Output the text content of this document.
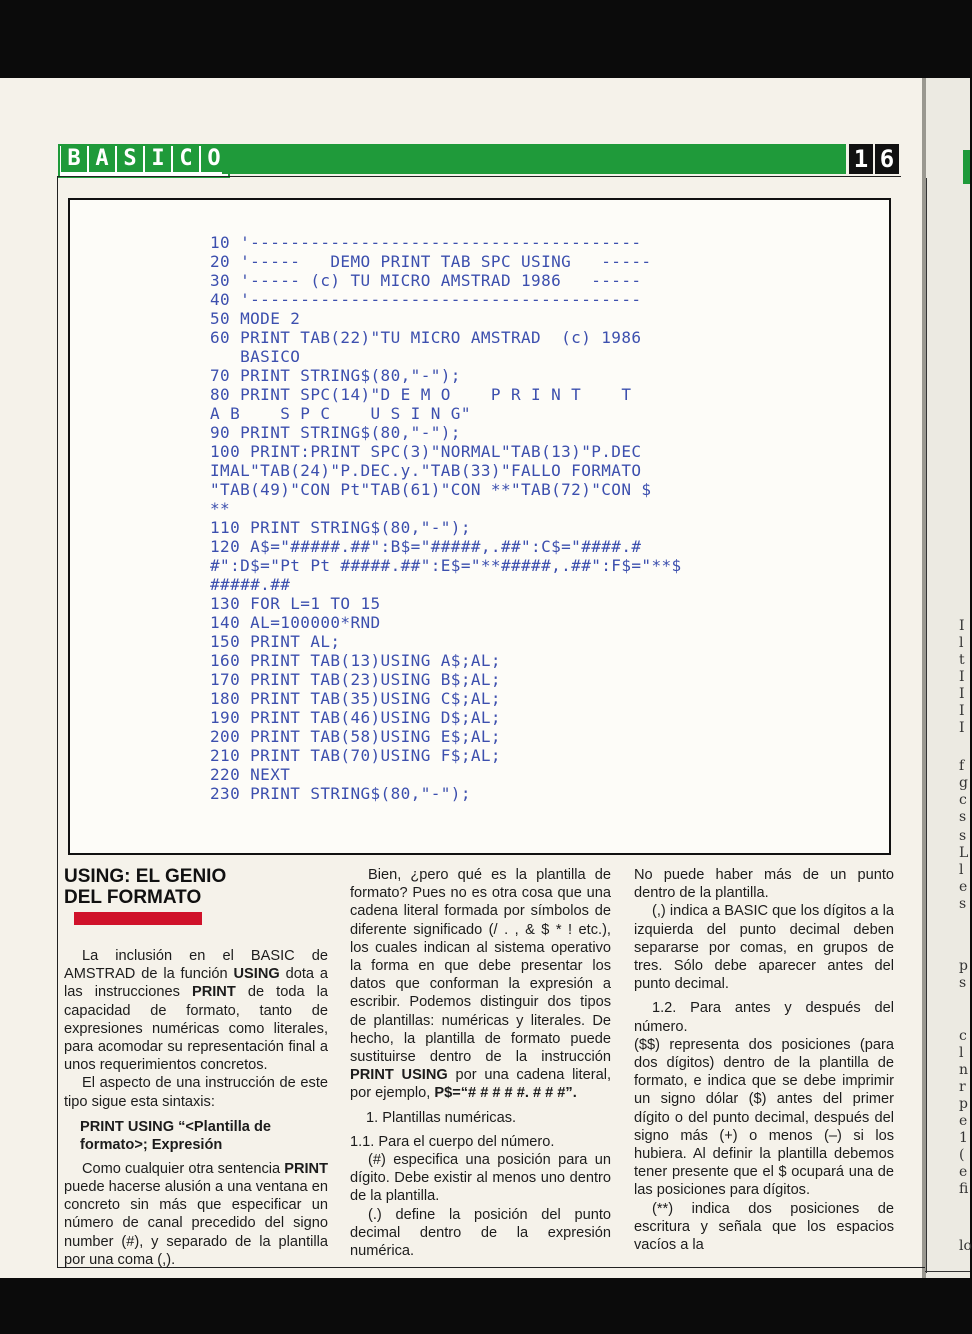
I
l
t
I
I
I
I
f
g
c
s
s
L
l
e
s
p
s
c
l
n
r
p
e
1
(
e
fi
lo
B A S I C O	1 6
10 '---------------------------------------
20 '-----   DEMO PRINT TAB SPC USING   -----
30 '----- (c) TU MICRO AMSTRAD 1986   -----
40 '---------------------------------------
50 MODE 2
60 PRINT TAB(22)"TU MICRO AMSTRAD  (c) 1986
BASICO
70 PRINT STRING$(80,"-");
80 PRINT SPC(14)"D E M O    P R I N T    T
A B    S P C    U S I N G"
90 PRINT STRING$(80,"-");
100 PRINT:PRINT SPC(3)"NORMAL"TAB(13)"P.DEC
IMAL"TAB(24)"P.DEC.y."TAB(33)"FALLO FORMATO
"TAB(49)"CON Pt"TAB(61)"CON **"TAB(72)"CON $
**
110 PRINT STRING$(80,"-");
120 A$="#####.##":B$="#####,.##":C$="####.#
#":D$="Pt Pt #####.##":E$="**#####,.##":F$="**$
#####.##
130 FOR L=1 TO 15
140 AL=100000*RND
150 PRINT AL;
160 PRINT TAB(13)USING A$;AL;
170 PRINT TAB(23)USING B$;AL;
180 PRINT TAB(35)USING C$;AL;
190 PRINT TAB(46)USING D$;AL;
200 PRINT TAB(58)USING E$;AL;
210 PRINT TAB(70)USING F$;AL;
220 NEXT
230 PRINT STRING$(80,"-");
USING: EL GENIO
DEL FORMATO

La inclusión en el BASIC de AMSTRAD de la función USING dota a las instrucciones PRINT de toda la capacidad de formato, tanto de expresiones numéricas como literales, para acomodar su representación final a unos requerimientos concretos.

El aspecto de una instrucción de este tipo sigue esta sintaxis:

PRINT USING “<Plantilla de formato>; Expresión

Como cualquier otra sentencia PRINT puede hacerse alusión a una ventana en concreto sin más que especificar un número de canal precedido del signo number (#), y separado de la plantilla por una coma (,).

Bien, ¿pero qué es la plantilla de formato? Pues no es otra cosa que una cadena literal formada por símbolos de diferente significado (/ . , & $ * ! etc.), los cuales indican al sistema operativo la forma en que debe presentar los datos que conforman la expresión a escribir. Podemos distinguir dos tipos de plantillas: numéricas y literales. De hecho, la plantilla de formato puede sustituirse dentro de la instrucción PRINT USING por una cadena literal, por ejemplo, P$=“# # # # #. # # #”.

1. Plantillas numéricas.

1.1. Para el cuerpo del número.

(#) especifica una posición para un dígito. Debe existir al menos uno dentro de la plantilla.

(.) define la posición del punto decimal dentro de la expresión numérica.

No puede haber más de un punto dentro de la plantilla.

(,) indica a BASIC que los dígitos a la izquierda del punto decimal deben separarse por comas, en grupos de tres. Sólo debe aparecer antes del punto decimal.

1.2. Para antes y después del número.

($$) representa dos posiciones (para dos dígitos) dentro de la plantilla de formato, e indica que se debe imprimir un signo dólar ($) antes del primer dígito o del punto decimal, después del signo más (+) o menos (–) si los hubiera. Al definir la plantilla debemos tener presente que el $ ocupará una de las posiciones para dígitos.

(**) indica dos posiciones de escritura y señala que los espacios vacíos a la
